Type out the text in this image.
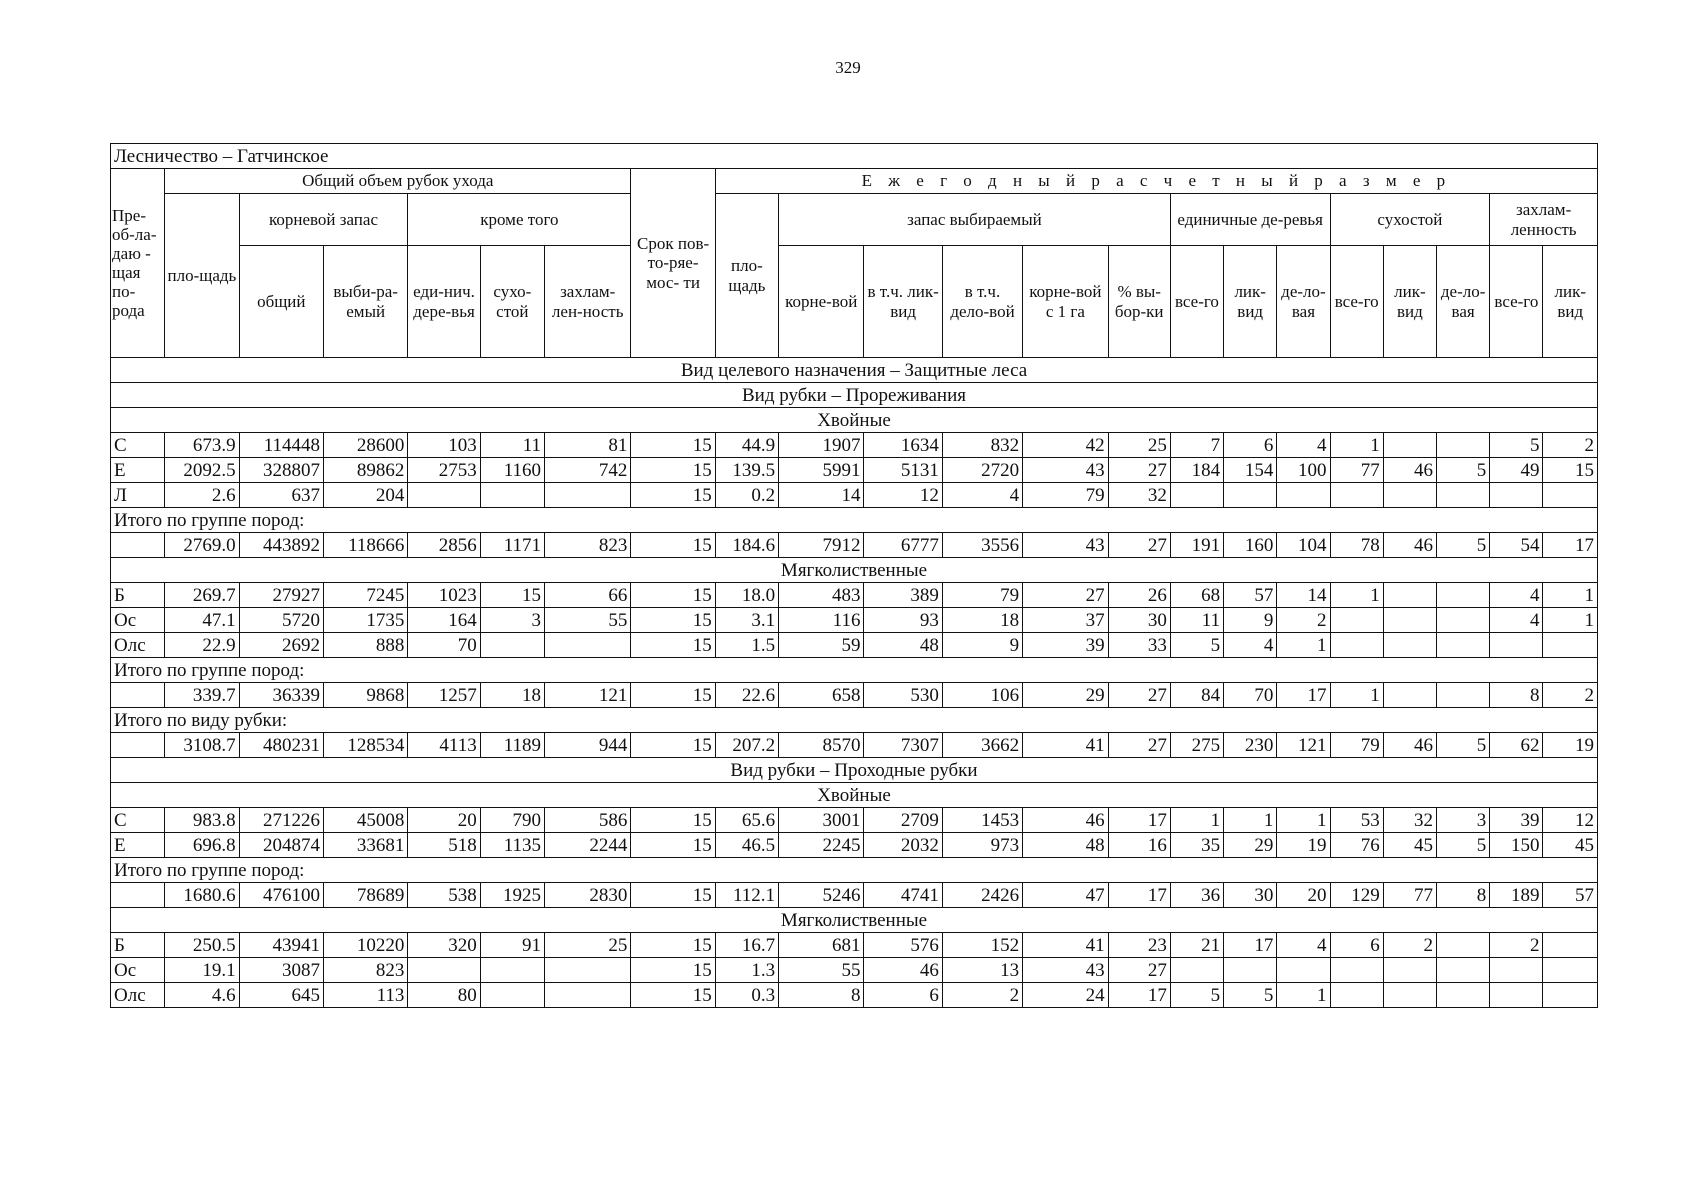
329
Лесничество – Гатчинское																					
Пре-об-ла-даю - щая по-рода	Общий объем рубок ухода						Срок пов- то-ряе-мос- ти	Е ж е г о д н ы й р а с ч е т н ы й р а з м е р													
	пло-щадь	корневой запас		кроме того				пло-щадь	запас выбираемый					единичные де-ревья			сухостой			захлам-ленность	
		общий	выби-ра-емый	еди-нич. дере-вья	сухо-стой	захлам-лен-ность			корне-вой	в т.ч. лик-вид	в т.ч. дело-вой	корне-вой с 1 га	% вы-бор-ки	все-го	лик-вид	де-ло-вая	все-го	лик-вид	де-ло-вая	все-го	лик-вид
Вид целевого назначения – Защитные леса																					
Вид рубки – Прореживания																					
Хвойные																					
С	673.9	114448	28600	103	11	81	15	44.9	1907	1634	832	42	25	7	6	4	1			5	2
Е	2092.5	328807	89862	2753	1160	742	15	139.5	5991	5131	2720	43	27	184	154	100	77	46	5	49	15
Л	2.6	637	204				15	0.2	14	12	4	79	32								
Итого по группе пород:																					
	2769.0	443892	118666	2856	1171	823	15	184.6	7912	6777	3556	43	27	191	160	104	78	46	5	54	17
Мягколиственные																					
Б	269.7	27927	7245	1023	15	66	15	18.0	483	389	79	27	26	68	57	14	1			4	1
Ос	47.1	5720	1735	164	3	55	15	3.1	116	93	18	37	30	11	9	2				4	1
Олс	22.9	2692	888	70			15	1.5	59	48	9	39	33	5	4	1					
Итого по группе пород:																					
	339.7	36339	9868	1257	18	121	15	22.6	658	530	106	29	27	84	70	17	1			8	2
Итого по виду рубки:																					
	3108.7	480231	128534	4113	1189	944	15	207.2	8570	7307	3662	41	27	275	230	121	79	46	5	62	19
Вид рубки – Проходные рубки																					
Хвойные																					
С	983.8	271226	45008	20	790	586	15	65.6	3001	2709	1453	46	17	1	1	1	53	32	3	39	12
Е	696.8	204874	33681	518	1135	2244	15	46.5	2245	2032	973	48	16	35	29	19	76	45	5	150	45
Итого по группе пород:																					
	1680.6	476100	78689	538	1925	2830	15	112.1	5246	4741	2426	47	17	36	30	20	129	77	8	189	57
Мягколиственные																					
Б	250.5	43941	10220	320	91	25	15	16.7	681	576	152	41	23	21	17	4	6	2		2	
Ос	19.1	3087	823				15	1.3	55	46	13	43	27								
Олс	4.6	645	113	80			15	0.3	8	6	2	24	17	5	5	1					
